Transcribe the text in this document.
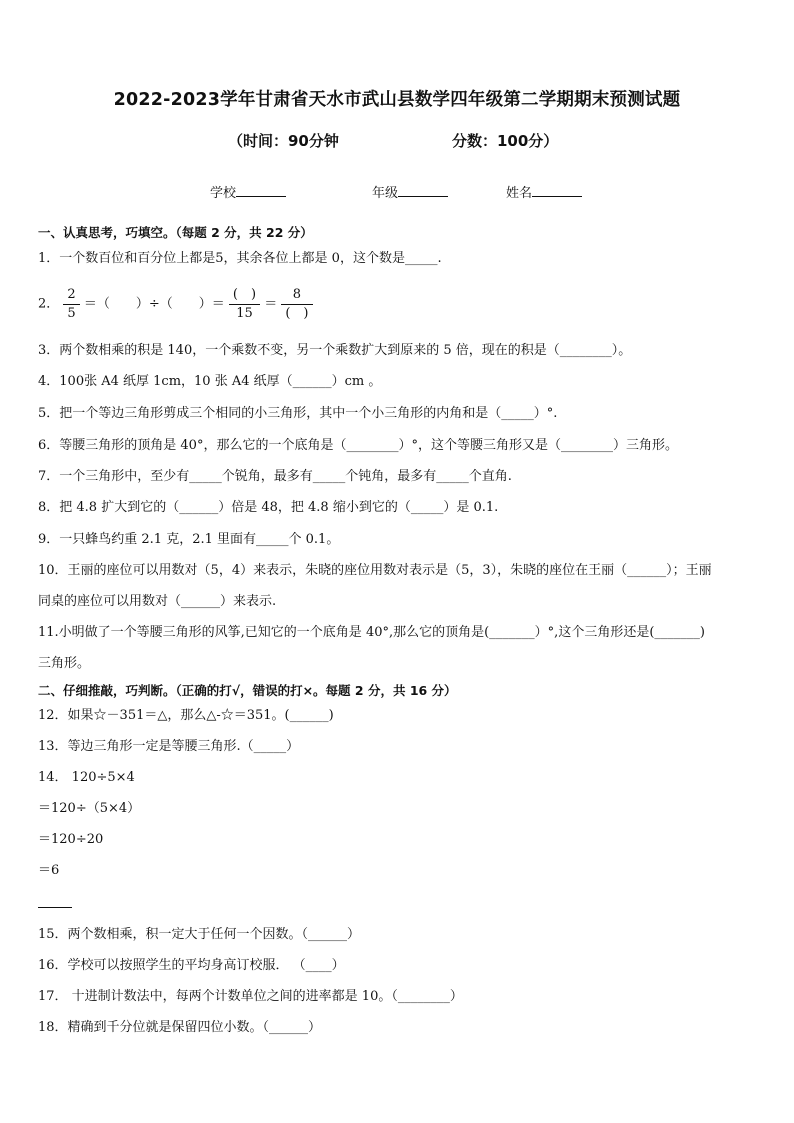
2022-2023学年甘肃省天水市武山县数学四年级第二学期期末预测试题
（时间：90分钟	分数：100分）
学校	年级	姓名
一、认真思考，巧填空。（每题 2 分，共 22 分）
1．一个数百位和百分位上都是5，其余各位上都是 0，这个数是_____.
2． $\frac{2}{5}$ ＝（　　）÷（　　）＝ $\frac{( )}{15} = \frac{8}{( )}$
3．两个数相乘的积是 140，一个乘数不变，另一个乘数扩大到原来的 5 倍，现在的积是（________）。
4．100张 A4 纸厚 1cm，10 张 A4 纸厚（______）cm 。
5．把一个等边三角形剪成三个相同的小三角形，其中一个小三角形的内角和是（_____）°.
6．等腰三角形的顶角是 40°，那么它的一个底角是（________）°，这个等腰三角形又是（________）三角形。
7．一个三角形中，至少有_____个锐角，最多有_____个钝角，最多有_____个直角.
8．把 4.8 扩大到它的（______）倍是 48，把 4.8 缩小到它的（_____）是 0.1.
9．一只蜂鸟约重 2.1 克，2.1 里面有_____个 0.1。
10．王丽的座位可以用数对（5，4）来表示，朱晓的座位用数对表示是（5，3），朱晓的座位在王丽（______）；王丽
同桌的座位可以用数对（______）来表示.
11.小明做了一个等腰三角形的风筝,已知它的一个底角是 40°,那么它的顶角是(_______）°,这个三角形还是(_______)
三角形。
二、仔细推敲，巧判断。（正确的打√，错误的打×。每题 2 分，共 16 分）
12．如果☆－351＝△，那么△-☆＝351。(______)
13．等边三角形一定是等腰三角形.（_____）
14． 120÷5×4
＝120÷（5×4）
＝120÷20
＝6
15．两个数相乘，积一定大于任何一个因数。（______）
16．学校可以按照学生的平均身高订校服． （____）
17． 十进制计数法中，每两个计数单位之间的进率都是 10。（________）
18．精确到千分位就是保留四位小数。（______）
